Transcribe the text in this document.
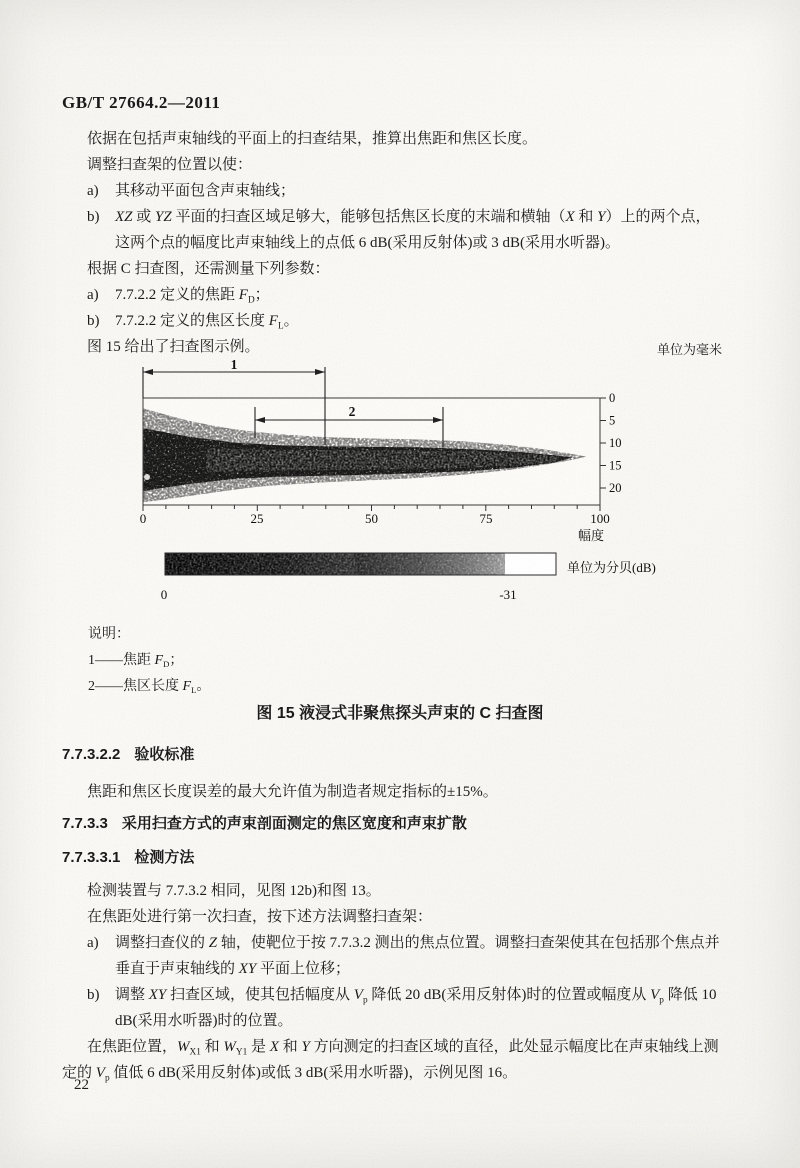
GB/T 27664.2—2011

依据在包括声束轴线的平面上的扫查结果，推算出焦距和焦区长度。

调整扫查架的位置以使：

a)	其移动平面包含声束轴线；
b)	XZ 或 YZ 平面的扫查区域足够大，能够包括焦区长度的末端和横轴（X 和 Y）上的两个点，这两个点的幅度比声束轴线上的点低 6 dB(采用反射体)或 3 dB(采用水听器)。

根据 C 扫查图，还需测量下列参数：

a)	7.7.2.2 定义的焦距 $F_D$；
b)	7.7.2.2 定义的焦区长度 $F_L$。

图 15 给出了扫查图示例。	单位为毫米
1
2
0
5
10
15
20
0	25	50	75	100
幅度
单位为分贝(dB)
0	-31

说明：

1——焦距 $F_D$；

2——焦区长度 $F_L$。

图 15 液浸式非聚焦探头声束的 C 扫查图
7.7.3.2.2 验收标准

焦距和焦区长度误差的最大允许值为制造者规定指标的±15%。

7.7.3.3 采用扫查方式的声束剖面测定的焦区宽度和声束扩散
7.7.3.3.1 检测方法

检测装置与 7.7.3.2 相同，见图 12b)和图 13。

在焦距处进行第一次扫查，按下述方法调整扫查架：

a)	调整扫查仪的 Z 轴，使靶位于按 7.7.3.2 测出的焦点位置。调整扫查架使其在包括那个焦点并垂直于声束轴线的 XY 平面上位移；
b)	调整 XY 扫查区域，使其包括幅度从 $V_p$ 降低 20 dB(采用反射体)时的位置或幅度从 $V_p$ 降低 10 dB(采用水听器)时的位置。

在焦距位置，$W_{X1}$ 和 $W_{Y1}$ 是 X 和 Y 方向测定的扫查区域的直径，此处显示幅度比在声束轴线上测定的 $V_p$ 值低 6 dB(采用反射体)或低 3 dB(采用水听器)，示例见图 16。

22
